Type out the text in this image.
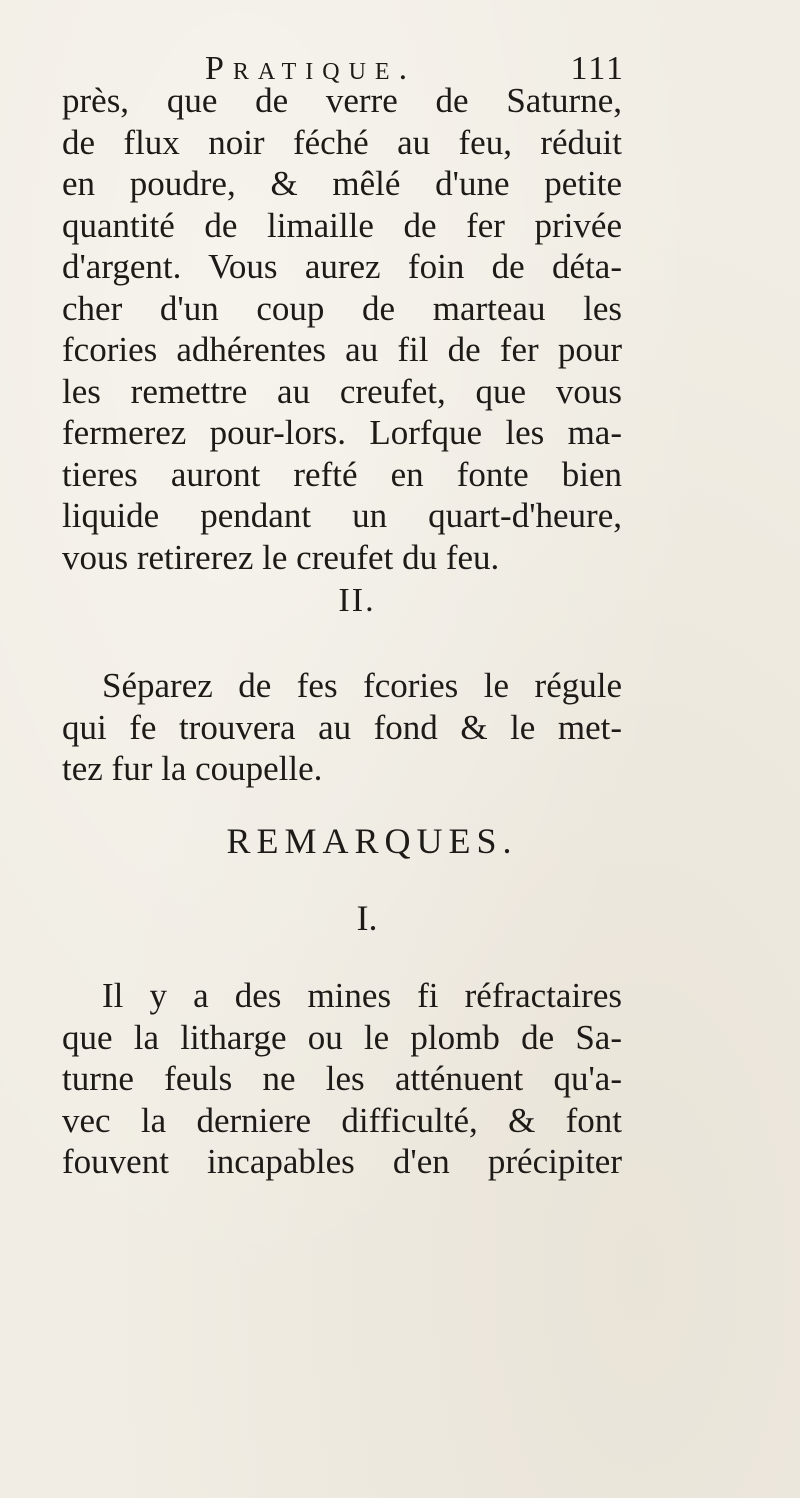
Pratique.	111
près, que de verre de Saturne,
de flux noir féché au feu, réduit
en poudre, & mêlé d'une petite
quantité de limaille de fer privée
d'argent. Vous aurez foin de déta-
cher d'un coup de marteau les
fcories adhérentes au fil de fer pour
les remettre au creufet, que vous
fermerez pour-lors. Lorfque les ma-
tieres auront refté en fonte bien
liquide pendant un quart-d'heure,
vous retirerez le creufet du feu.
II.
Séparez de fes fcories le régule
qui fe trouvera au fond & le met-
tez fur la coupelle.
REMARQUES.
I.
Il y a des mines fi réfractaires
que la litharge ou le plomb de Sa-
turne feuls ne les atténuent qu'a-
vec la derniere difficulté, & font
fouvent incapables d'en précipiter
